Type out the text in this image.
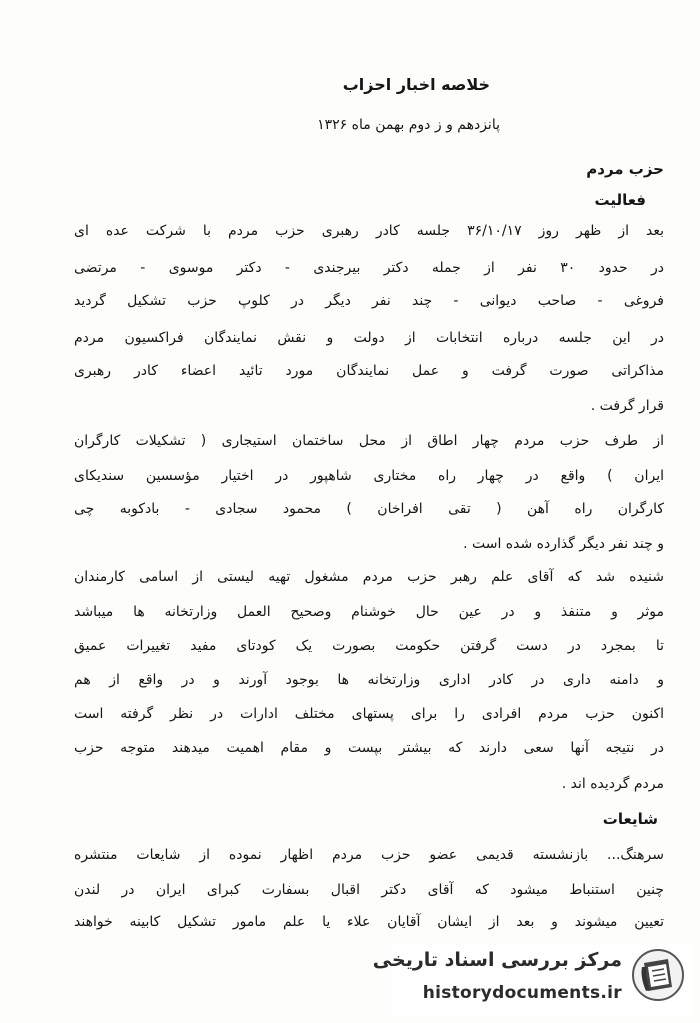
خلاصه اخبار احزاب
پانزدهم و ز دوم بهمن ماه ۱۳۲۶
حزب مردم
فعالیت
بعد از ظهر روز ۳۶/۱۰/۱۷ جلسه کادر رهبری حزب مردم با شرکت عده ای
در حدود ۳۰ نفر از جمله دکتر بیرجندی - دکتر موسوی - مرتضی
فروغی - صاحب دیوانی - چند نفر دیگر در کلوپ حزب تشکیل گردید
در این جلسه درباره انتخابات از دولت و نقش نمایندگان فراکسیون مردم
مذاکراتی صورت گرفت و عمل نمایندگان مورد تائید اعضاء کادر رهبری
قرار گرفت .
از طرف حزب مردم چهار اطاق از محل ساختمان استیجاری ( تشکیلات کارگران
ایران ) واقع در چهار راه مختاری شاهپور در اختیار مؤسسین سندیکای
کارگران راه آهن ( تقی افراخان ) محمود سجادی - بادکوبه چی
و چند نفر دیگر گذارده شده است .
شنیده شد که آقای علم رهبر حزب مردم مشغول تهیه لیستی از اسامی کارمندان
موثر و متنفذ و در عین حال خوشنام وصحیح العمل وزارتخانه ها میباشد
تا بمجرد در دست گرفتن حکومت بصورت یک کودتای مفید تغییرات عمیق
و دامنه داری در کادر اداری وزارتخانه ها بوجود آورند و در واقع از هم
اکنون حزب مردم افرادی را برای پستهای مختلف ادارات در نظر گرفته است
در نتیجه آنها سعی دارند که بیشتر بپست و مقام اهمیت میدهند متوجه حزب
مردم گردیده اند .
شایعات
سرهنگ... بازنشسته قدیمی عضو حزب مردم اظهار نموده از شایعات منتشره
چنین استنباط میشود که آقای دکتر اقبال بسفارت کبرای ایران در لندن
تعیین میشوند و بعد از ایشان آقایان علاء یا علم مامور تشکیل کابینه خواهند
مرکز بررسی اسناد تاریخی
historydocuments.ir
